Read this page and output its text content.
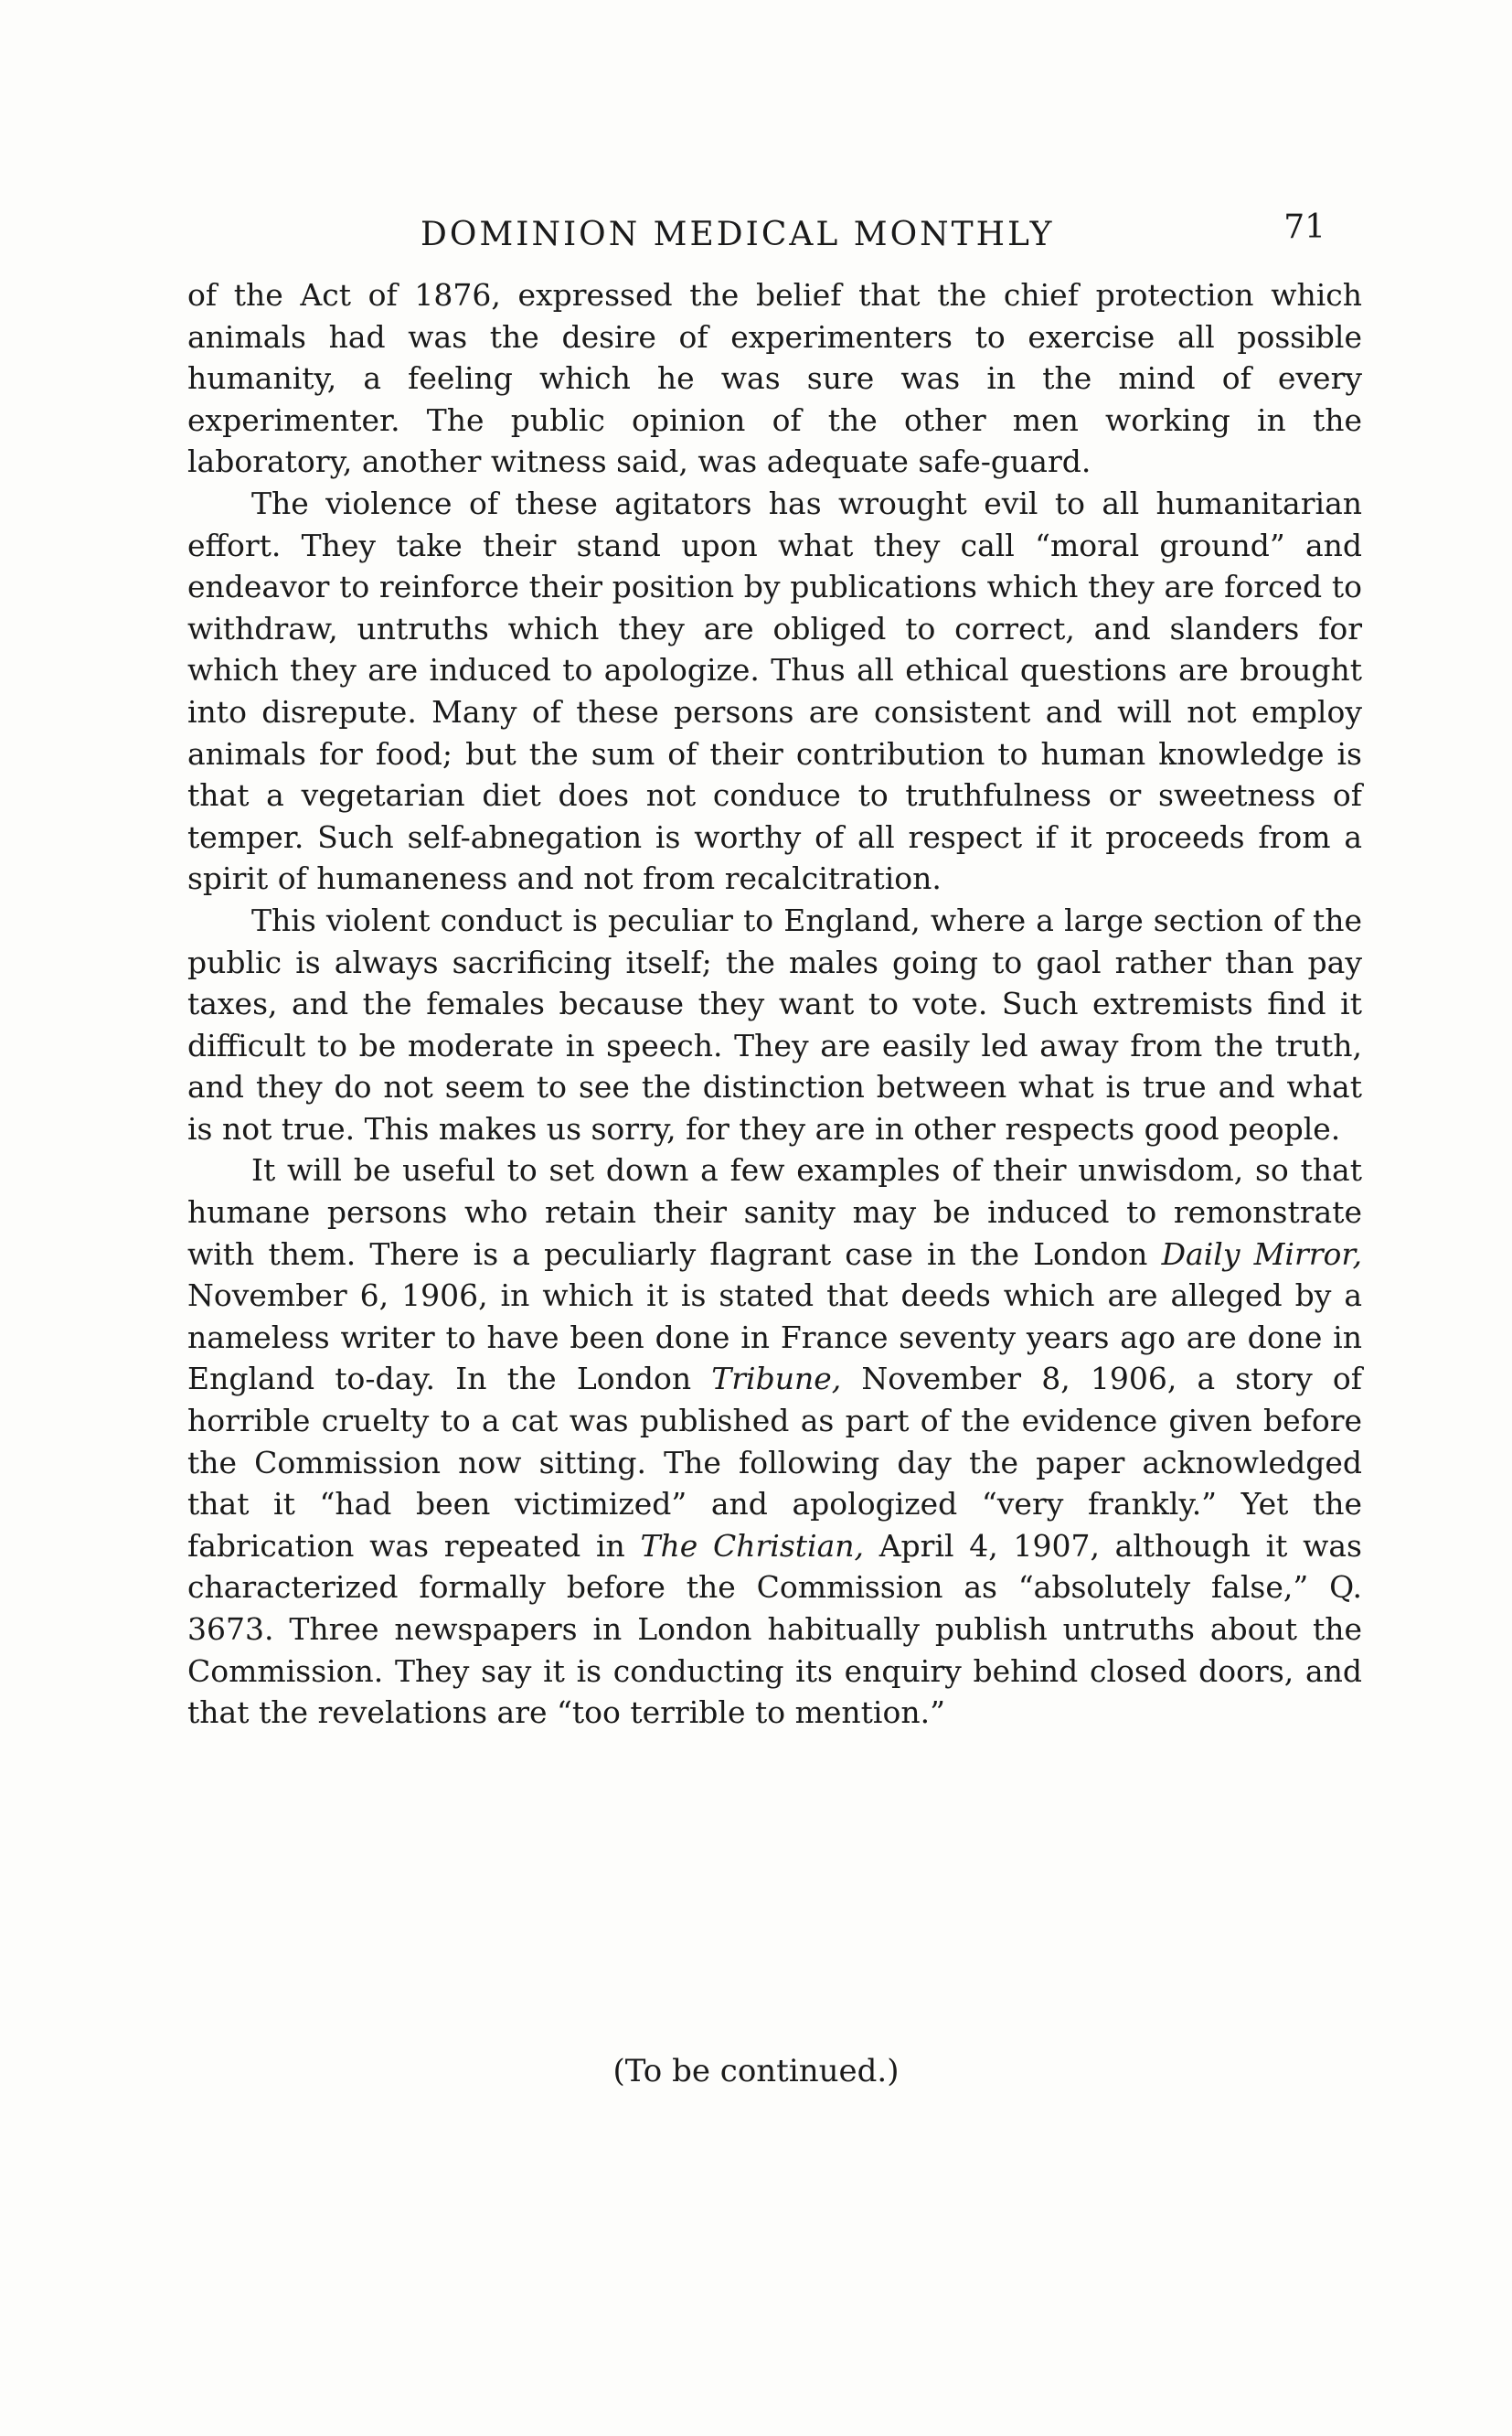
DOMINION MEDICAL MONTHLY	71

of the Act of 1876, expressed the belief that the chief protection which animals had was the desire of experimenters to exercise all possible humanity, a feeling which he was sure was in the mind of every experimenter. The public opinion of the other men working in the laboratory, another witness said, was adequate safe-guard.

The violence of these agitators has wrought evil to all humanitarian effort. They take their stand upon what they call “moral ground” and endeavor to reinforce their position by publications which they are forced to withdraw, untruths which they are obliged to correct, and slanders for which they are induced to apologize. Thus all ethical questions are brought into disrepute. Many of these persons are consistent and will not employ animals for food; but the sum of their contribution to human knowledge is that a vegetarian diet does not conduce to truthfulness or sweetness of temper. Such self-abnegation is worthy of all respect if it proceeds from a spirit of humaneness and not from recalcitration.

This violent conduct is peculiar to England, where a large section of the public is always sacrificing itself; the males going to gaol rather than pay taxes, and the females because they want to vote. Such extremists find it difficult to be moderate in speech. They are easily led away from the truth, and they do not seem to see the distinction between what is true and what is not true. This makes us sorry, for they are in other respects good people.

It will be useful to set down a few examples of their unwisdom, so that humane persons who retain their sanity may be induced to remonstrate with them. There is a peculiarly flagrant case in the London Daily Mirror, November 6, 1906, in which it is stated that deeds which are alleged by a nameless writer to have been done in France seventy years ago are done in England to-day. In the London Tribune, November 8, 1906, a story of horrible cruelty to a cat was published as part of the evidence given before the Commission now sitting. The following day the paper acknowledged that it “had been victimized” and apologized “very frankly.” Yet the fabrication was repeated in The Christian, April 4, 1907, although it was characterized formally before the Commission as “absolutely false,” Q. 3673. Three newspapers in London habitually publish untruths about the Commission. They say it is conducting its enquiry behind closed doors, and that the revelations are “too terrible to mention.”

(To be continued.)
